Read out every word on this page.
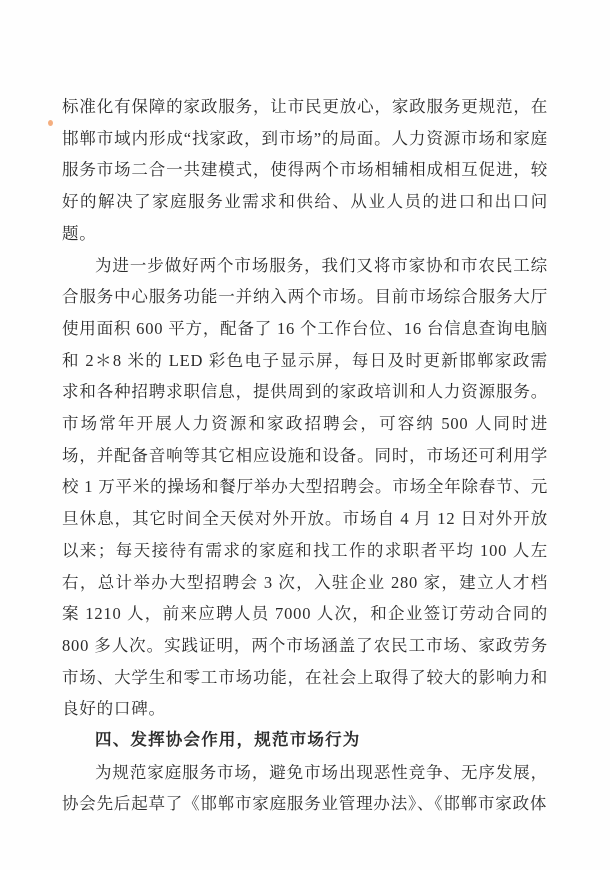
标准化有保障的家政服务，让市民更放心，家政服务更规范，在邯郸市域内形成“找家政，到市场”的局面。人力资源市场和家庭服务市场二合一共建模式，使得两个市场相辅相成相互促进，较好的解决了家庭服务业需求和供给、从业人员的进口和出口问题。

为进一步做好两个市场服务，我们又将市家协和市农民工综合服务中心服务功能一并纳入两个市场。目前市场综合服务大厅使用面积 600 平方，配备了 16 个工作台位、16 台信息查询电脑和 2＊8 米的 LED 彩色电子显示屏，每日及时更新邯郸家政需求和各种招聘求职信息，提供周到的家政培训和人力资源服务。市场常年开展人力资源和家政招聘会，可容纳 500 人同时进场，并配备音响等其它相应设施和设备。同时，市场还可利用学校 1 万平米的操场和餐厅举办大型招聘会。市场全年除春节、元旦休息，其它时间全天侯对外开放。市场自 4 月 12 日对外开放以来；每天接待有需求的家庭和找工作的求职者平均 100 人左右，总计举办大型招聘会 3 次，入驻企业 280 家，建立人才档案 1210 人，前来应聘人员 7000 人次，和企业签订劳动合同的 800 多人次。实践证明，两个市场涵盖了农民工市场、家政劳务市场、大学生和零工市场功能，在社会上取得了较大的影响力和良好的口碑。

四、发挥协会作用，规范市场行为

为规范家庭服务市场，避免市场出现恶性竞争、无序发展，协会先后起草了《邯郸市家庭服务业管理办法》、《邯郸市家政体
